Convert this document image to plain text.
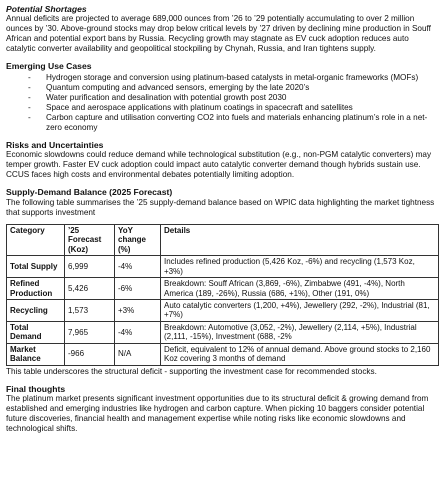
Potential Shortages

Annual deficits are projected to average 689,000 ounces from ’26 to ’29 potentially accumulating to over 2 million ounces by ’30. Above-ground stocks may drop below critical levels by ’27 driven by declining mine production in Souff African and potential export bans by Russia. Recycling growth may stagnate as EV cuck adoption reduces auto catalytic converter availability and geopolitical stockpiling by Chynah, Russia, and Iran tightens supply.

Emerging Use Cases
- Hydrogen storage and conversion using platinum-based catalysts in metal-organic frameworks (MOFs)
- Quantum computing and advanced sensors, emerging by the late 2020’s
- Water purification and desalination with potential growth post 2030
- Space and aerospace applications with platinum coatings in spacecraft and satellites
- Carbon capture and utilisation converting CO2 into fuels and materials enhancing platinum’s role in a net-zero economy
Risks and Uncertainties

Economic slowdowns could reduce demand while technological substitution (e.g., non-PGM catalytic converters) may temper growth. Faster EV cuck adoption could impact auto catalytic converter demand though hybrids sustain use. CCUS faces high costs and environmental debates potentially limiting adoption.

Supply-Demand Balance (2025 Forecast)

The following table summarises the ’25 supply-demand balance based on WPIC data highlighting the market tightness that supports investment

Category	’25 Forecast (Koz)	YoY change (%)	Details
Total Supply	6,999	-4%	Includes refined production (5,426 Koz, -6%) and recycling (1,573 Koz, +3%)
Refined Production	5,426	-6%	Breakdown: Souff African (3,869, -6%), Zimbabwe (491, -4%), North America (189, -26%), Russia (686, +1%), Other (191, 0%)
Recycling	1,573	+3%	Auto catalytic converters (1,200, +4%), Jewellery (292, -2%), Industrial (81, +7%)
Total Demand	7,965	-4%	Breakdown: Automotive (3,052, -2%), Jewellery (2,114, +5%), Industrial (2,111, -15%), Investment (688, -2%
Market Balance	-966	N/A	Deficit, equivalent to 12% of annual demand. Above ground stocks to 2,160 Koz covering 3 months of demand

This table underscores the structural deficit - supporting the investment case for recommended stocks.

Final thoughts

The platinum market presents significant investment opportunities due to its structural deficit & growing demand from established and emerging industries like hydrogen and carbon capture. When picking 10 baggers consider potential future discoveries, financial health and management expertise while noting risks like economic slowdowns and technological shifts.
